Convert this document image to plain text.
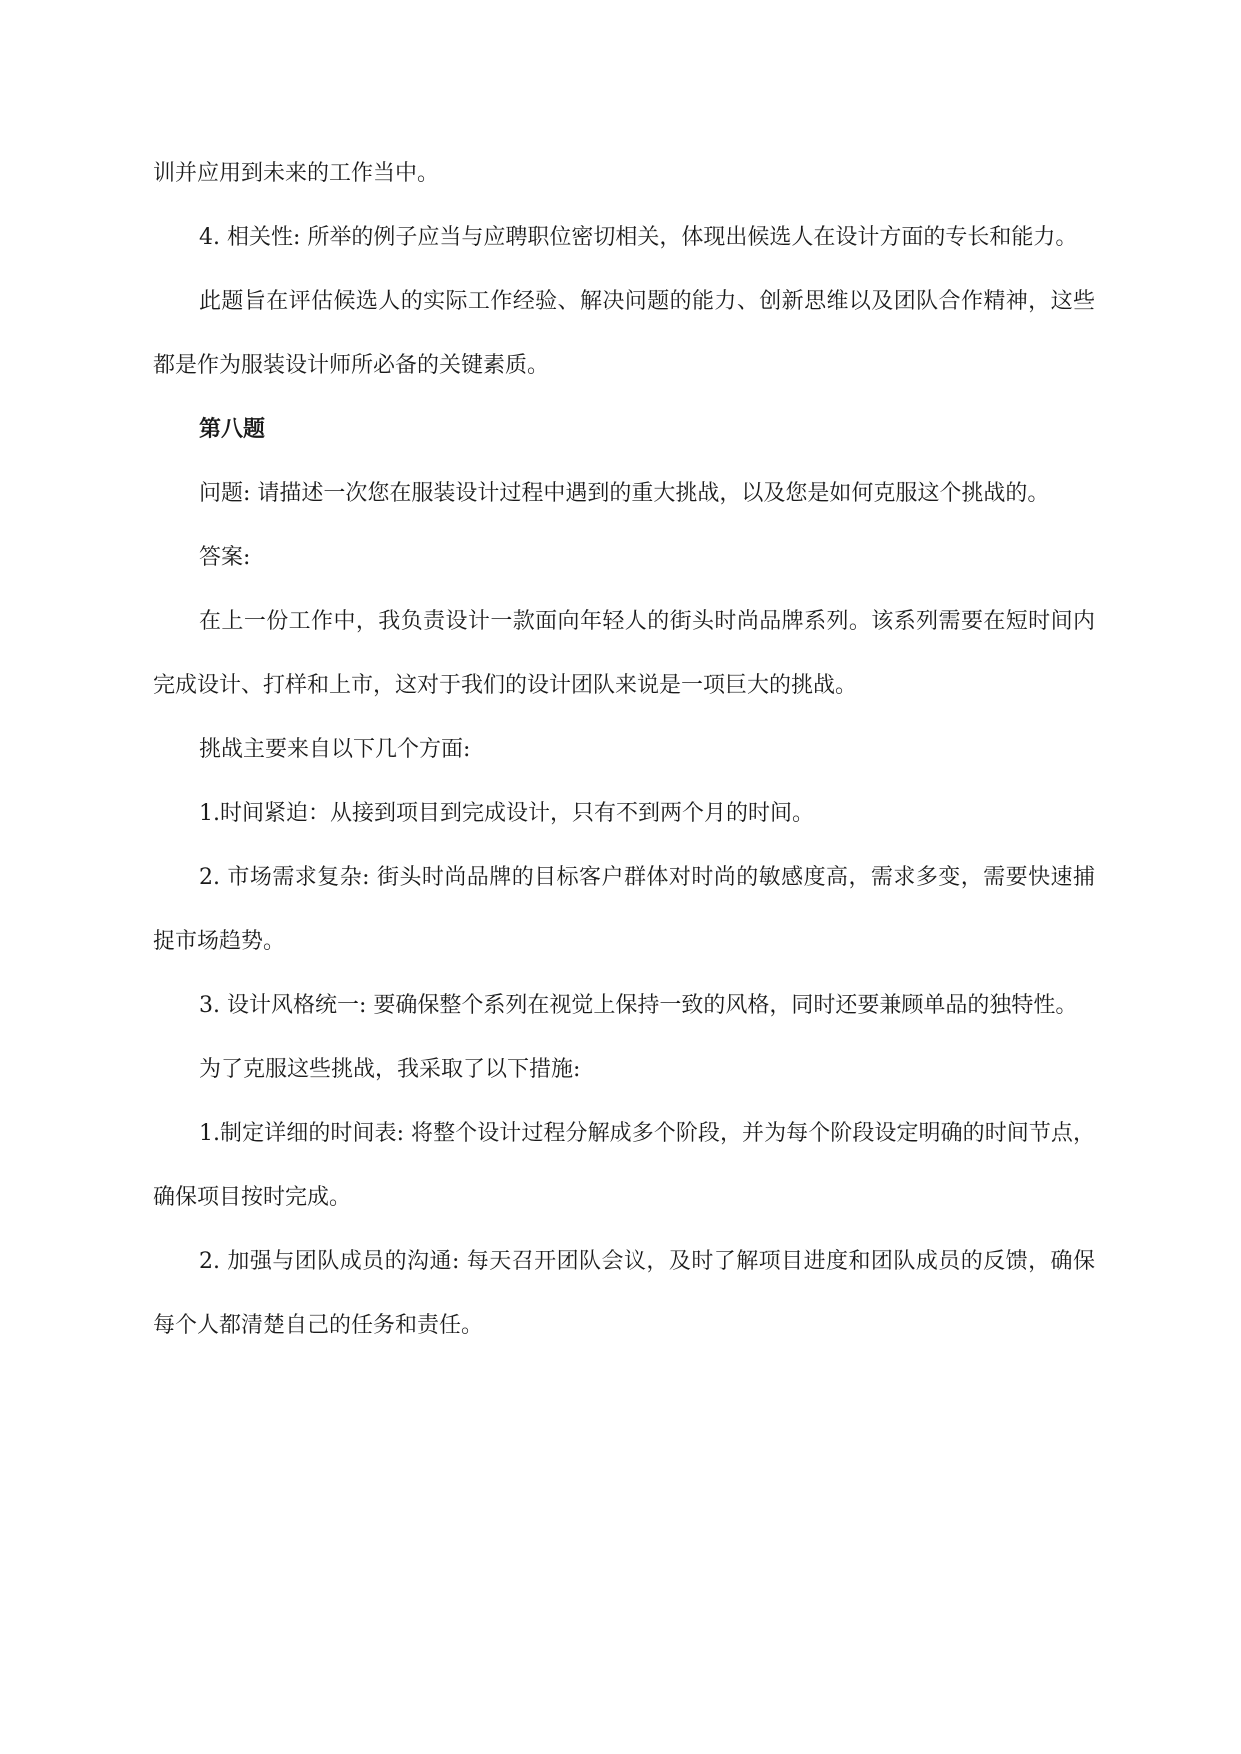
训并应用到未来的工作当中。

4. 相关性: 所举的例子应当与应聘职位密切相关，体现出候选人在设计方面的专长和能力。

此题旨在评估候选人的实际工作经验、解决问题的能力、创新思维以及团队合作精神，这些都是作为服装设计师所必备的关键素质。

第八题

问题: 请描述一次您在服装设计过程中遇到的重大挑战，以及您是如何克服这个挑战的。

答案:

在上一份工作中，我负责设计一款面向年轻人的街头时尚品牌系列。该系列需要在短时间内完成设计、打样和上市，这对于我们的设计团队来说是一项巨大的挑战。

挑战主要来自以下几个方面:

1.时间紧迫：从接到项目到完成设计，只有不到两个月的时间。

2. 市场需求复杂: 街头时尚品牌的目标客户群体对时尚的敏感度高，需求多变，需要快速捕捉市场趋势。

3. 设计风格统一: 要确保整个系列在视觉上保持一致的风格，同时还要兼顾单品的独特性。

为了克服这些挑战，我采取了以下措施:

1.制定详细的时间表: 将整个设计过程分解成多个阶段，并为每个阶段设定明确的时间节点，确保项目按时完成。

2. 加强与团队成员的沟通: 每天召开团队会议，及时了解项目进度和团队成员的反馈，确保每个人都清楚自己的任务和责任。
